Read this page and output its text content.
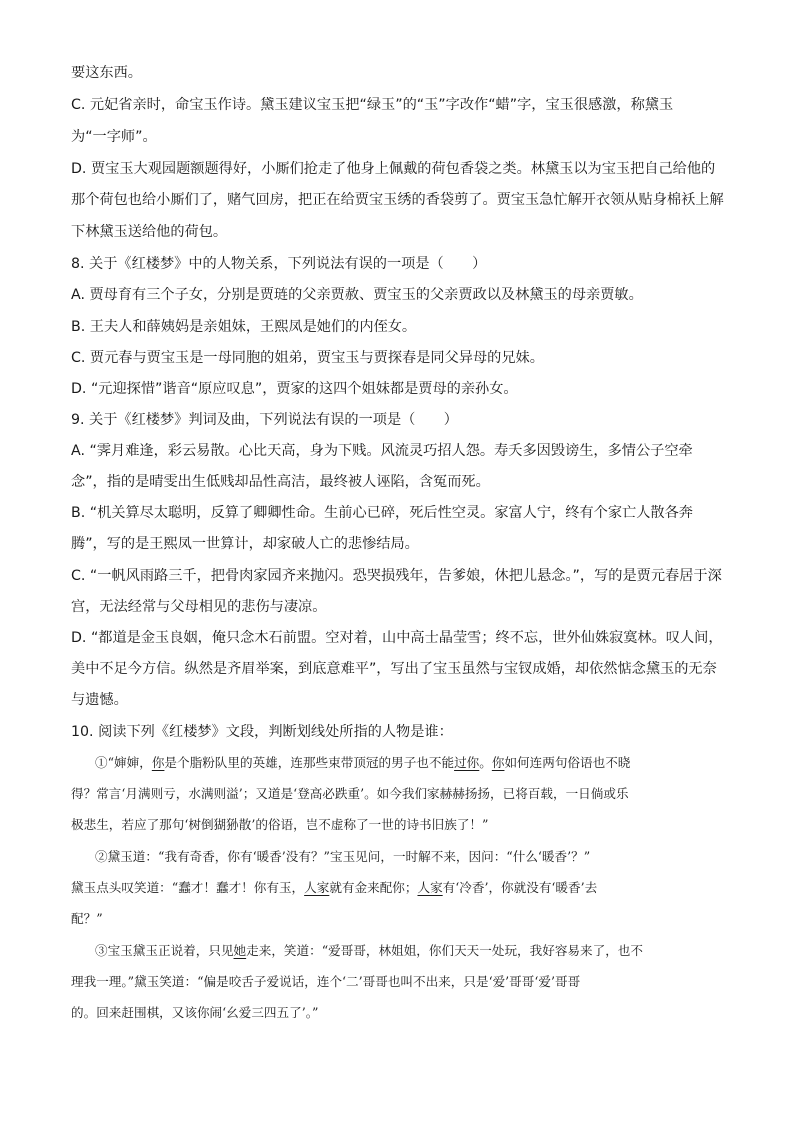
要这东西。
C. 元妃省亲时，命宝玉作诗。黛玉建议宝玉把“绿玉”的“玉”字改作“蜡”字，宝玉很感激，称黛玉
为“一字师”。
D. 贾宝玉大观园题额题得好，小厮们抢走了他身上佩戴的荷包香袋之类。林黛玉以为宝玉把自己给他的
那个荷包也给小厮们了，赌气回房，把正在给贾宝玉绣的香袋剪了。贾宝玉急忙解开衣领从贴身棉袄上解
下林黛玉送给他的荷包。
8. 关于《红楼梦》中的人物关系，下列说法有误的一项是（　　）
A. 贾母育有三个子女，分别是贾琏的父亲贾赦、贾宝玉的父亲贾政以及林黛玉的母亲贾敏。
B. 王夫人和薛姨妈是亲姐妹，王熙凤是她们的内侄女。
C. 贾元春与贾宝玉是一母同胞的姐弟，贾宝玉与贾探春是同父异母的兄妹。
D. “元迎探惜”谐音“原应叹息”，贾家的这四个姐妹都是贾母的亲孙女。
9. 关于《红楼梦》判词及曲，下列说法有误的一项是（　　）
A. “霁月难逢，彩云易散。心比天高，身为下贱。风流灵巧招人怨。寿夭多因毁谤生，多情公子空牵
念”，指的是晴雯出生低贱却品性高洁，最终被人诬陷，含冤而死。
B. “机关算尽太聪明，反算了卿卿性命。生前心已碎，死后性空灵。家富人宁，终有个家亡人散各奔
腾”，写的是王熙凤一世算计，却家破人亡的悲惨结局。
C. “一帆风雨路三千，把骨肉家园齐来抛闪。恐哭损残年，告爹娘，休把儿悬念。”，写的是贾元春居于深
宫，无法经常与父母相见的悲伤与凄凉。
D. “都道是金玉良姻，俺只念木石前盟。空对着，山中高士晶莹雪；终不忘，世外仙姝寂寞林。叹人间，
美中不足今方信。纵然是齐眉举案，到底意难平”，写出了宝玉虽然与宝钗成婚，却依然惦念黛玉的无奈
与遗憾。
10. 阅读下列《红楼梦》文段，判断划线处所指的人物是谁：
①“婶婶，你是个脂粉队里的英雄，连那些束带顶冠的男子也不能过你。你如何连两句俗语也不晓
得？常言‘月满则亏，水满则溢’；又道是‘登高必跌重’。如今我们家赫赫扬扬，已将百载，一日倘或乐
极悲生，若应了那句‘树倒猢狲散’的俗语，岂不虚称了一世的诗书旧族了！”
②黛玉道：“我有奇香，你有‘暖香’没有？”宝玉见问，一时解不来，因问：“什么‘暖香’？”
黛玉点头叹笑道：“蠢才！蠢才！你有玉，人家就有金来配你；人家有‘冷香’，你就没有‘暖香’去
配？”
③宝玉黛玉正说着，只见她走来，笑道：“爱哥哥，林姐姐，你们天天一处玩，我好容易来了，也不
理我一理。”黛玉笑道：“偏是咬舌子爱说话，连个‘二’哥哥也叫不出来，只是‘爱’哥哥‘爱’哥哥
的。回来赶围棋，又该你闹‘幺爱三四五了’。”
